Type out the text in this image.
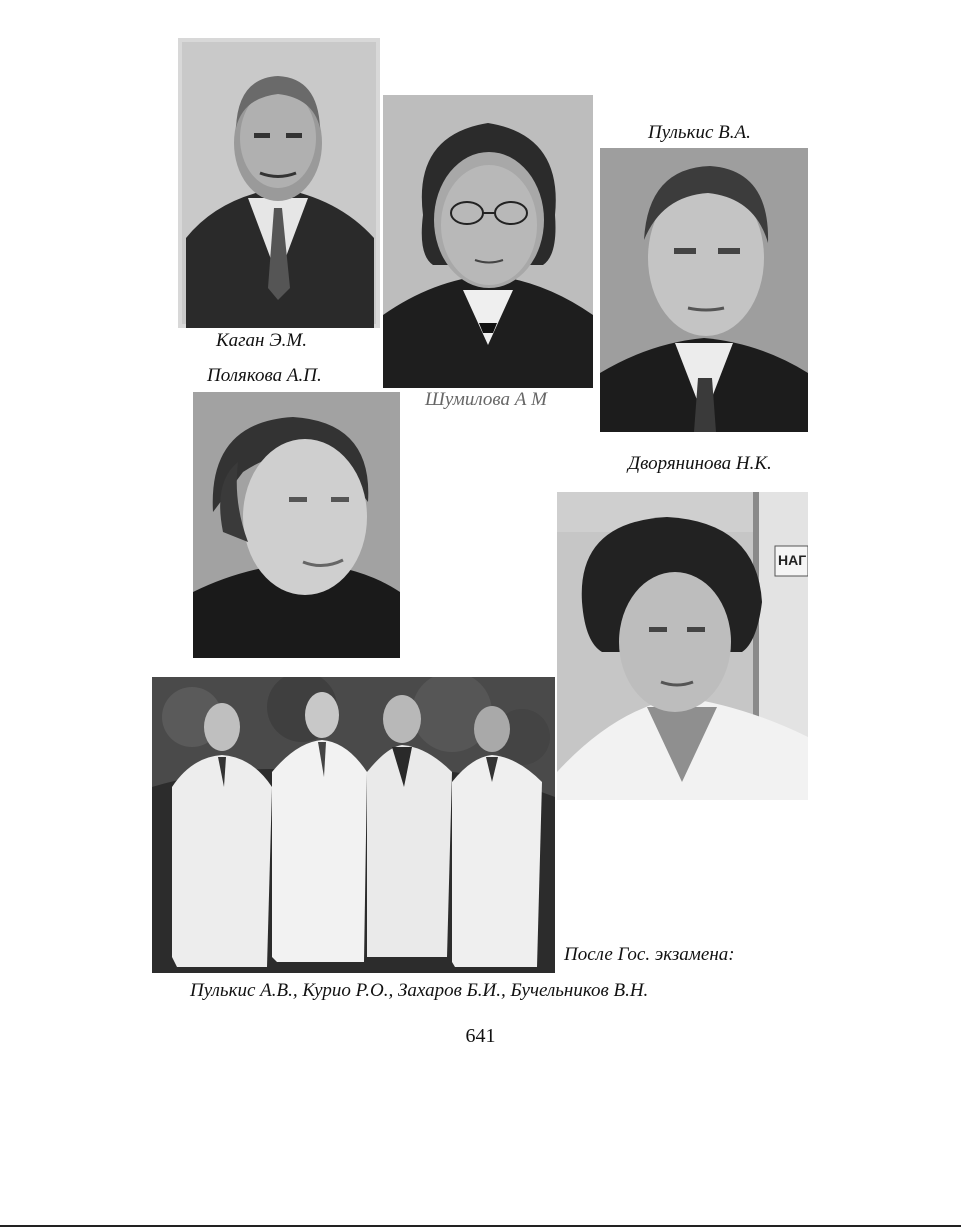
НАГ
Каган Э.М.
Полякова А.П.
Шумилова А М
Пулькис В.А.
Дворянинова Н.К.
После Гос. экзамена:
Пулькис А.В., Курио Р.О., Захаров Б.И., Бучельников В.Н.
641
